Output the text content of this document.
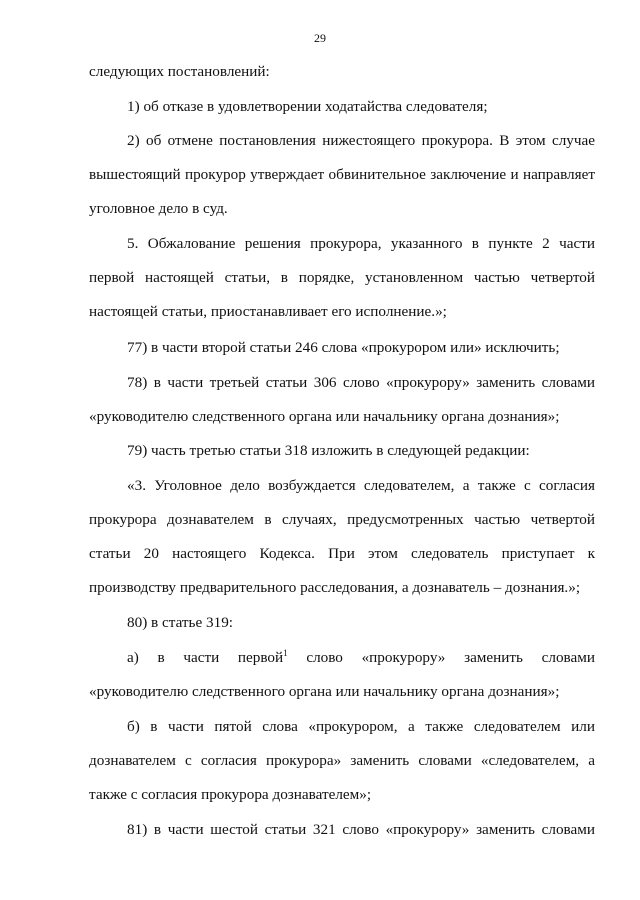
29

следующих постановлений:

1) об отказе в удовлетворении ходатайства следователя;

2) об отмене постановления нижестоящего прокурора. В этом случае

вышестоящий прокурор утверждает обвинительное заключение и направляет

уголовное дело в суд.

5. Обжалование решения прокурора, указанного в пункте 2 части

первой настоящей статьи, в порядке, установленном частью четвертой

настоящей статьи, приостанавливает его исполнение.»;

77) в части второй статьи 246 слова «прокурором или» исключить;

78) в части третьей статьи 306 слово «прокурору» заменить словами

«руководителю следственного органа или начальнику органа дознания»;

79) часть третью статьи 318 изложить в следующей редакции:

«3. Уголовное дело возбуждается следователем, а также с согласия

прокурора дознавателем в случаях, предусмотренных частью четвертой

статьи 20 настоящего Кодекса. При этом следователь приступает к

производству предварительного расследования, а дознаватель – дознания.»;

80) в статье 319:

а) в части первой$^1$ слово «прокурору» заменить словами

«руководителю следственного органа или начальнику органа дознания»;

б) в части пятой слова «прокурором, а также следователем или

дознавателем с согласия прокурора» заменить словами «следователем, а

также с согласия прокурора дознавателем»;

81) в части шестой статьи 321 слово «прокурору» заменить словами
